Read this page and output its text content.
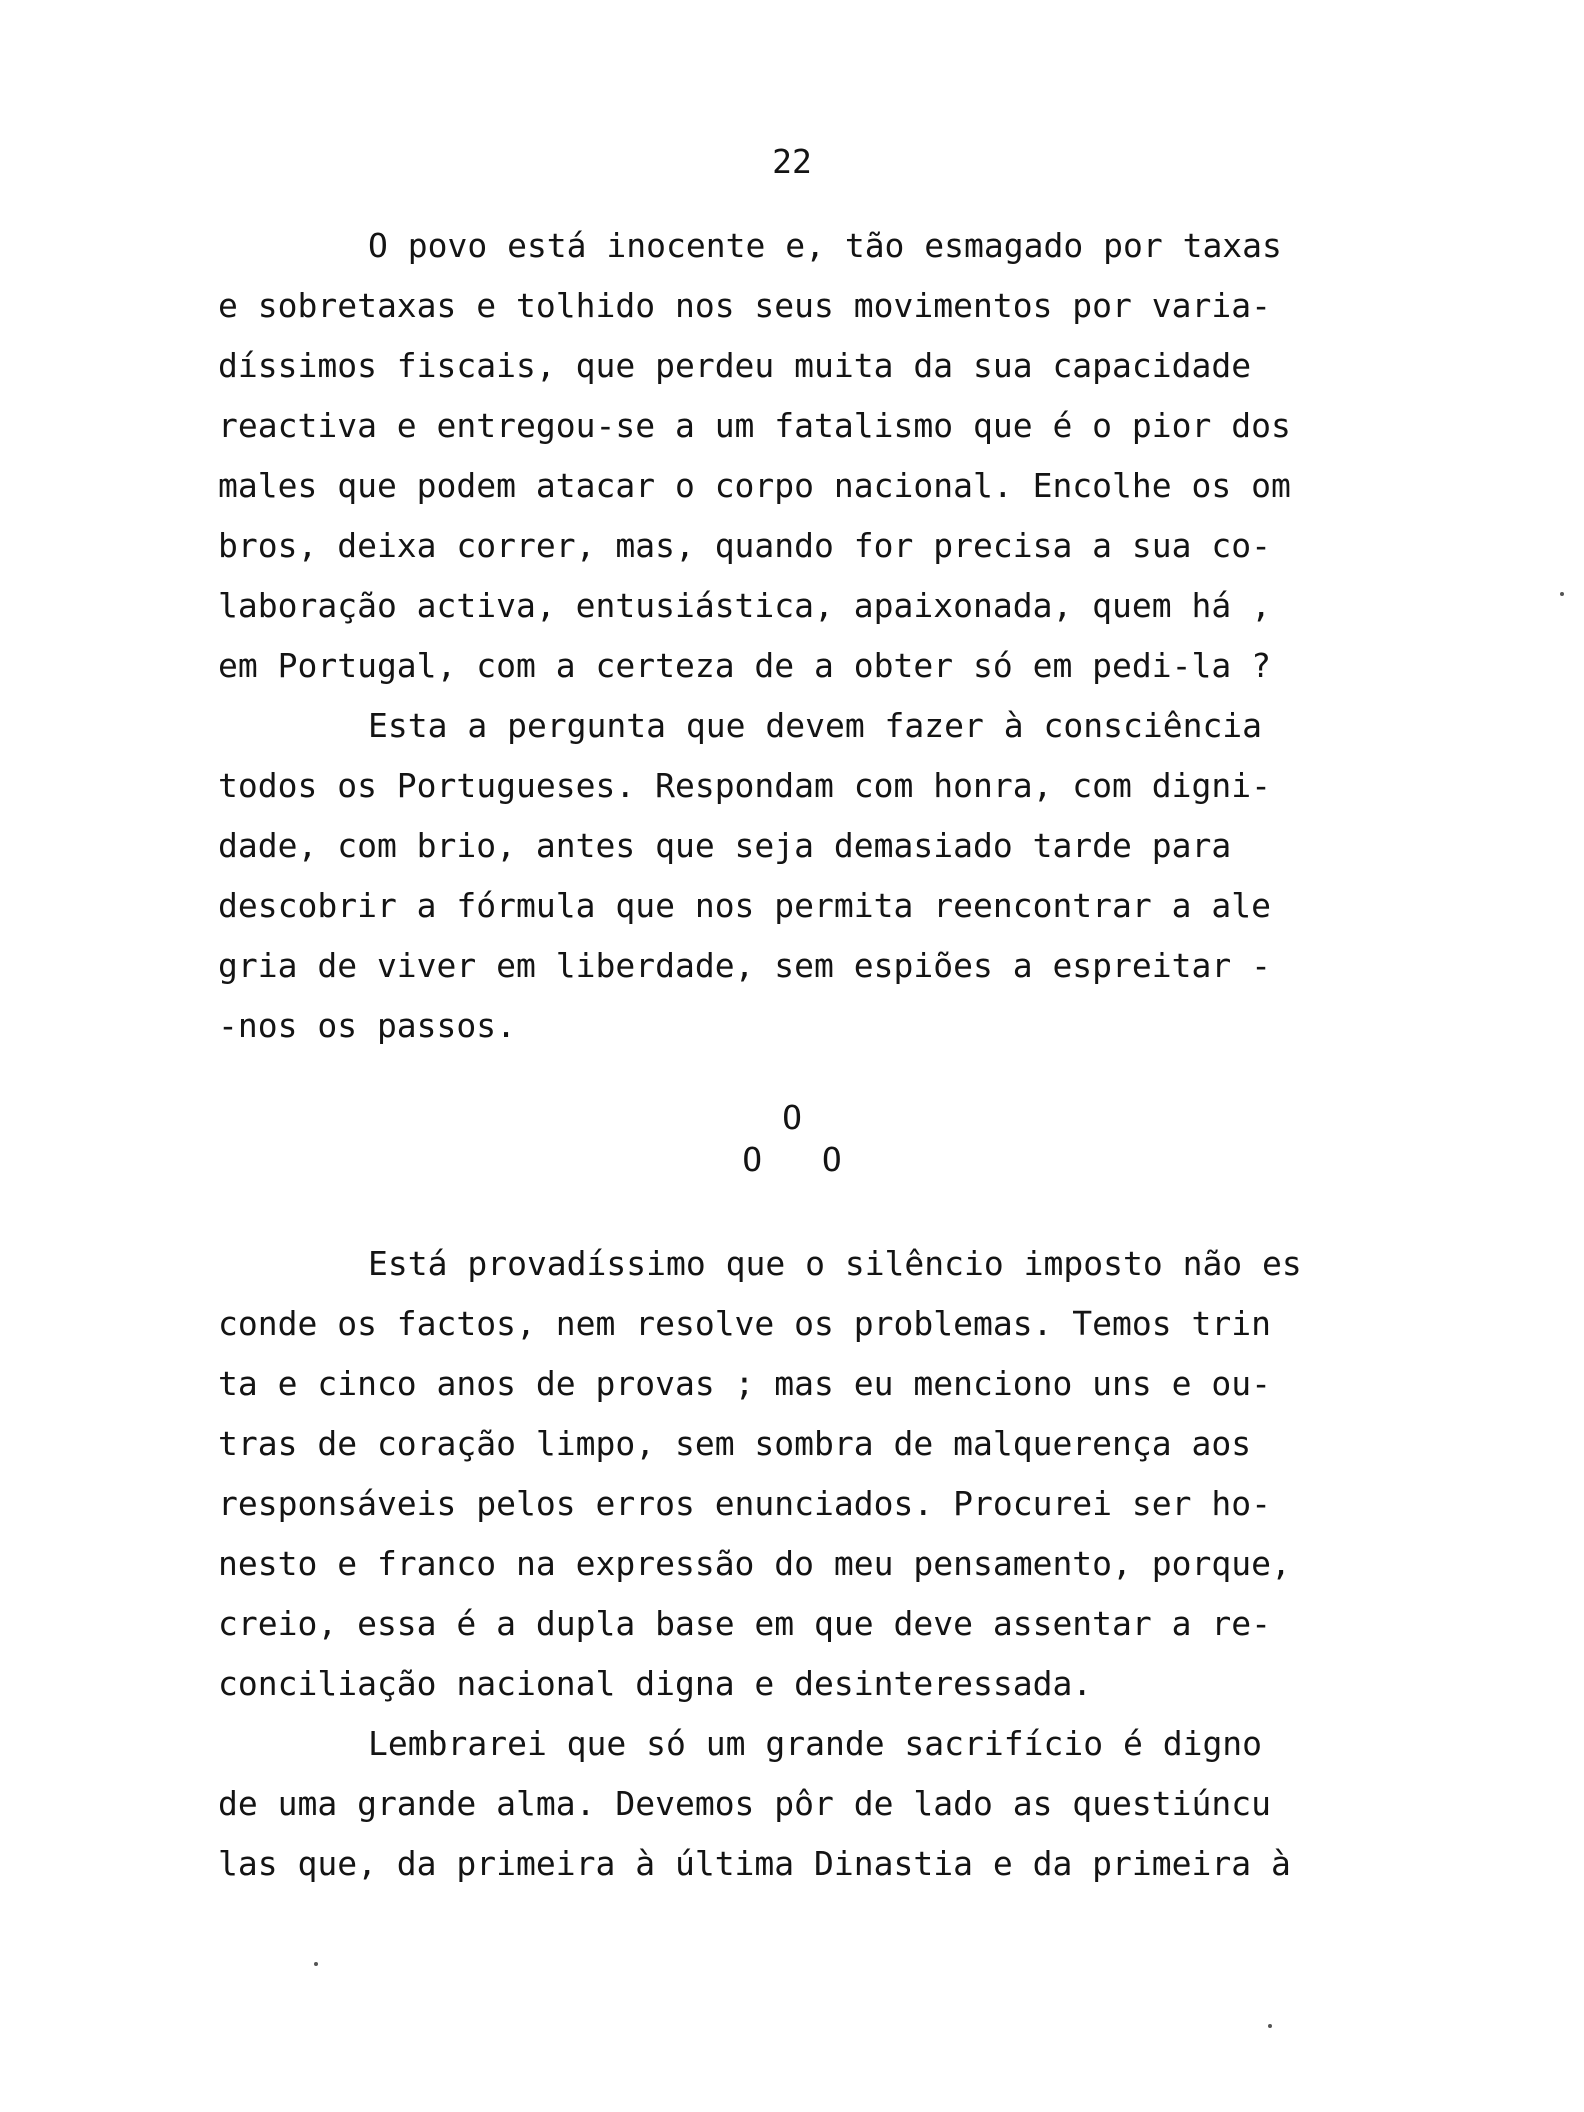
22
O povo está inocente e, tão esmagado por taxas
e sobretaxas e tolhido nos seus movimentos por varia-
díssimos fiscais, que perdeu muita da sua capacidade
reactiva e entregou-se a um fatalismo que é o pior dos
males que podem atacar o corpo nacional. Encolhe os om
bros, deixa correr, mas, quando for precisa a sua co-
laboração activa, entusiástica, apaixonada, quem há ,
em Portugal, com a certeza de a obter só em pedi-la ?
Esta a pergunta que devem fazer à consciência
todos os Portugueses. Respondam com honra, com digni-
dade, com brio, antes que seja demasiado tarde para
descobrir a fórmula que nos permita reencontrar a ale
gria de viver em liberdade, sem espiões a espreitar -
-nos os passos.
O
O O
Está provadíssimo que o silêncio imposto não es
conde os factos, nem resolve os problemas. Temos trin
ta e cinco anos de provas ; mas eu menciono uns e ou-
tras de coração limpo, sem sombra de malquerença aos
responsáveis pelos erros enunciados. Procurei ser ho-
nesto e franco na expressão do meu pensamento, porque,
creio, essa é a dupla base em que deve assentar a re-
conciliação nacional digna e desinteressada.
Lembrarei que só um grande sacrifício é digno
de uma grande alma. Devemos pôr de lado as questiúncu
las que, da primeira à última Dinastia e da primeira à
